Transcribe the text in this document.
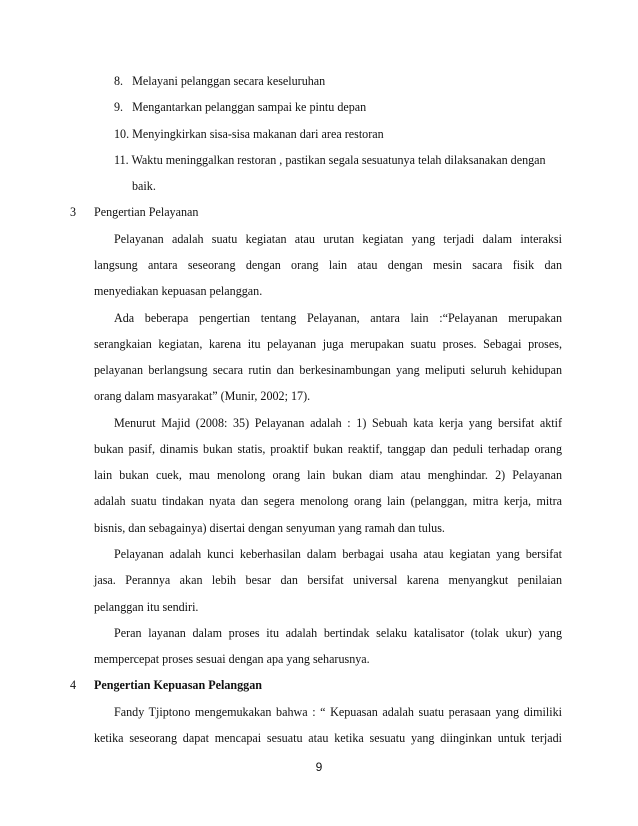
8.   Melayani pelanggan secara keseluruhan
9.   Mengantarkan pelanggan sampai ke pintu depan
10. Menyingkirkan sisa-sisa makanan dari area restoran
11. Waktu meninggalkan restoran , pastikan segala sesuatunya telah dilaksanakan dengan
baik.
3 Pengertian Pelayanan
Pelayanan adalah suatu kegiatan atau urutan kegiatan yang terjadi dalam interaksi
langsung antara seseorang dengan orang lain atau dengan mesin sacara fisik dan
menyediakan kepuasan pelanggan.
Ada beberapa pengertian tentang Pelayanan, antara lain :“Pelayanan merupakan
serangkaian kegiatan, karena itu pelayanan juga merupakan suatu proses. Sebagai proses,
pelayanan berlangsung secara rutin dan berkesinambungan yang meliputi seluruh kehidupan
orang dalam masyarakat” (Munir, 2002; 17).
Menurut Majid (2008: 35) Pelayanan adalah : 1) Sebuah kata kerja yang bersifat aktif
bukan pasif, dinamis bukan statis, proaktif bukan reaktif, tanggap dan peduli terhadap orang
lain bukan cuek, mau menolong orang lain bukan diam atau menghindar. 2) Pelayanan
adalah suatu tindakan nyata dan segera menolong orang lain (pelanggan, mitra kerja, mitra
bisnis, dan sebagainya) disertai dengan senyuman yang ramah dan tulus.
Pelayanan adalah kunci keberhasilan dalam berbagai usaha atau kegiatan yang bersifat
jasa. Perannya akan lebih besar dan bersifat universal karena menyangkut penilaian
pelanggan itu sendiri.
Peran layanan dalam proses itu adalah bertindak selaku katalisator (tolak ukur) yang
mempercepat proses sesuai dengan apa yang seharusnya.
4 Pengertian Kepuasan Pelanggan
Fandy Tjiptono mengemukakan bahwa : “ Kepuasan adalah suatu perasaan yang dimiliki
ketika seseorang dapat mencapai sesuatu atau ketika sesuatu yang diinginkan untuk terjadi
9
